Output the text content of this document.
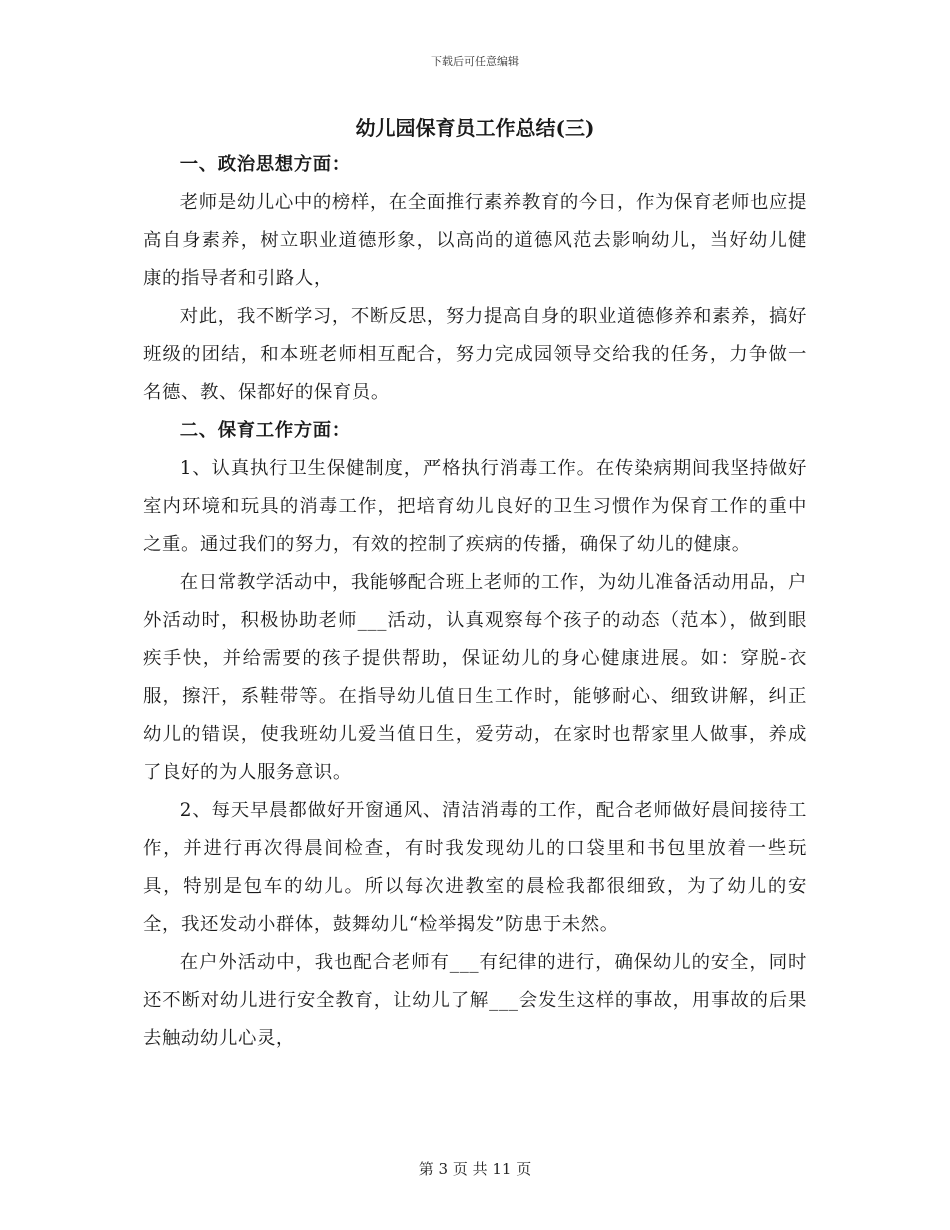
下载后可任意编辑
幼儿园保育员工作总结(三)

一、政治思想方面：

老师是幼儿心中的榜样，在全面推行素养教育的今日，作为保育老师也应提高自身素养，树立职业道德形象，以高尚的道德风范去影响幼儿，当好幼儿健康的指导者和引路人，

对此，我不断学习，不断反思，努力提高自身的职业道德修养和素养，搞好班级的团结，和本班老师相互配合，努力完成园领导交给我的任务，力争做一名德、教、保都好的保育员。

二、保育工作方面：

1、认真执行卫生保健制度，严格执行消毒工作。在传染病期间我坚持做好室内环境和玩具的消毒工作，把培育幼儿良好的卫生习惯作为保育工作的重中之重。通过我们的努力，有效的控制了疾病的传播，确保了幼儿的健康。

在日常教学活动中，我能够配合班上老师的工作，为幼儿准备活动用品，户外活动时，积极协助老师___活动，认真观察每个孩子的动态（范本），做到眼疾手快，并给需要的孩子提供帮助，保证幼儿的身心健康进展。如：穿脱-衣服，擦汗，系鞋带等。在指导幼儿值日生工作时，能够耐心、细致讲解，纠正幼儿的错误，使我班幼儿爱当值日生，爱劳动，在家时也帮家里人做事，养成了良好的为人服务意识。

2、每天早晨都做好开窗通风、清洁消毒的工作，配合老师做好晨间接待工作，并进行再次得晨间检查，有时我发现幼儿的口袋里和书包里放着一些玩具，特别是包车的幼儿。所以每次进教室的晨检我都很细致，为了幼儿的安全，我还发动小群体，鼓舞幼儿“检举揭发”防患于未然。

在户外活动中，我也配合老师有___有纪律的进行，确保幼儿的安全，同时还不断对幼儿进行安全教育，让幼儿了解___会发生这样的事故，用事故的后果去触动幼儿心灵，

第 3 页 共 11 页
